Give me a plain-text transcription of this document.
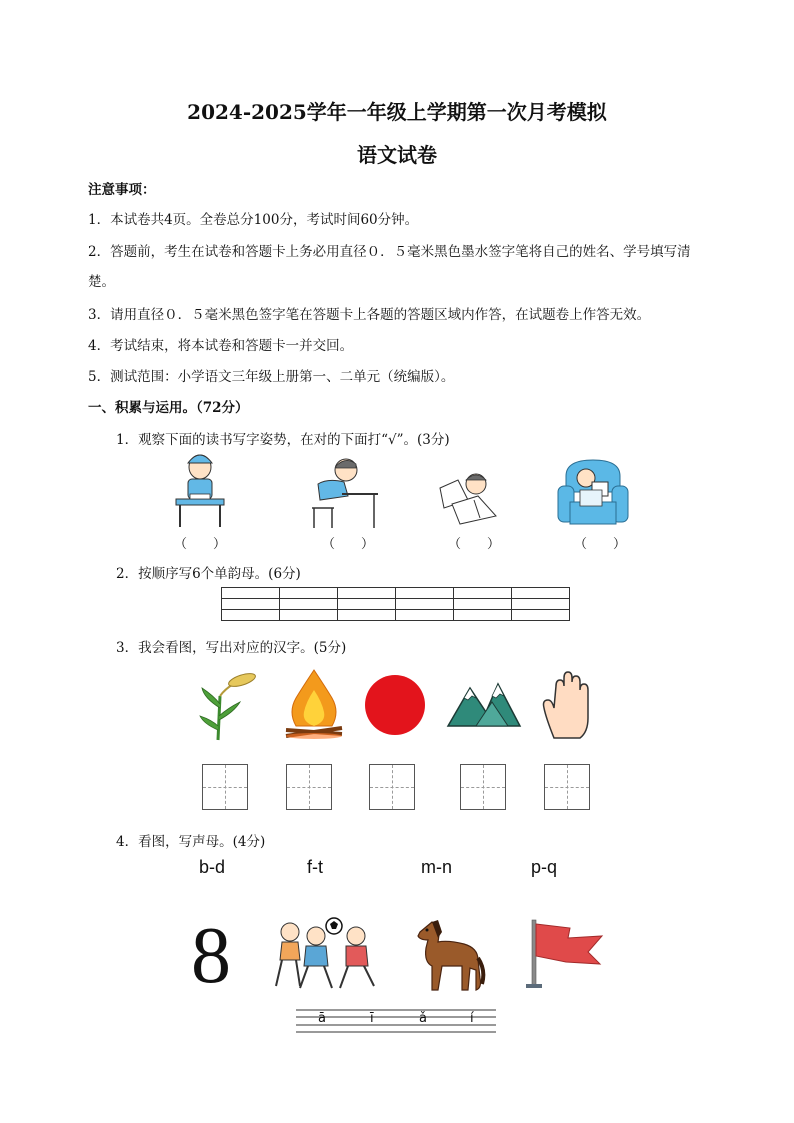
2024-2025学年一年级上学期第一次月考模拟
语文试卷
注意事项：
1．本试卷共4页。全卷总分100分，考试时间60分钟。
2．答题前，考生在试卷和答题卡上务必用直径０．５毫米黑色墨水签字笔将自己的姓名、学号填写清
楚。
3．请用直径０．５毫米黑色签字笔在答题卡上各题的答题区域内作答，在试题卷上作答无效。
4．考试结束，将本试卷和答题卡一并交回。
5．测试范围：小学语文三年级上册第一、二单元（统编版）。
一、积累与运用。（72分）
1．观察下面的读书写字姿势，在对的下面打“√”。(3分)
（　　）	（　　）	（　　）	（　　）
2．按顺序写6个单韵母。(6分)

3．我会看图，写出对应的汉字。(5分)
4．看图，写声母。(4分)
b-d	f-t	m-n	p-q
8
ā	ī	ǎ	í
